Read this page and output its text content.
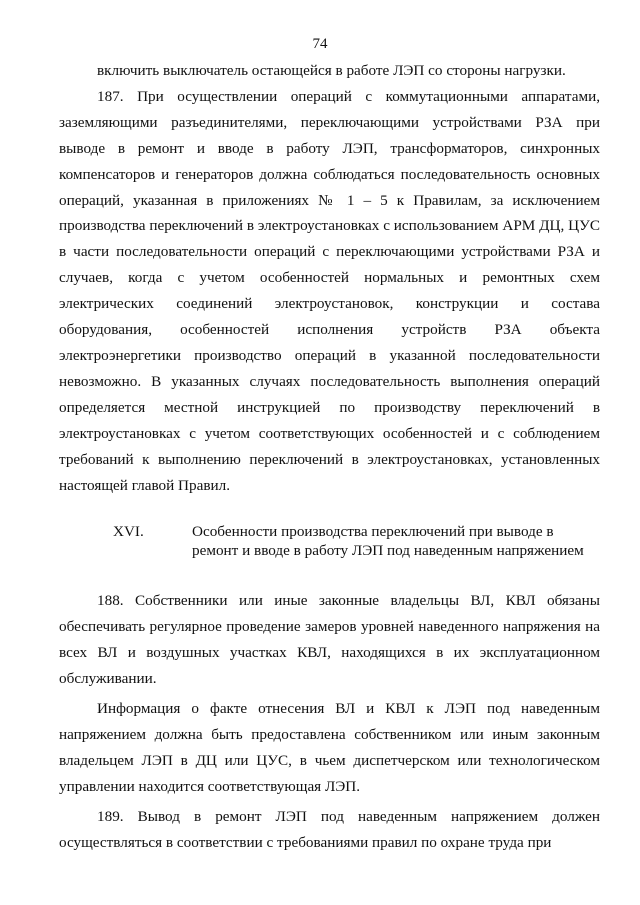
74

включить выключатель остающейся в работе ЛЭП со стороны нагрузки.

187. При осуществлении операций с коммутационными аппаратами, заземляющими разъединителями, переключающими устройствами РЗА при выводе в ремонт и вводе в работу ЛЭП, трансформаторов, синхронных компенсаторов и генераторов должна соблюдаться последовательность основных операций, указанная в приложениях № 1 – 5 к Правилам, за исключением производства переключений в электроустановках с использованием АРМ ДЦ, ЦУС в части последовательности операций с переключающими устройствами РЗА и случаев, когда с учетом особенностей нормальных и ремонтных схем электрических соединений электроустановок, конструкции и состава оборудования, особенностей исполнения устройств РЗА объекта электроэнергетики производство операций в указанной последовательности невозможно. В указанных случаях последовательность выполнения операций определяется местной инструкцией по производству переключений в электроустановках с учетом соответствующих особенностей и с соблюдением требований к выполнению переключений в электроустановках, установленных настоящей главой Правил.

XVI.	Особенности производства переключений при выводе в ремонт и вводе в работу ЛЭП под наведенным напряжением

188. Собственники или иные законные владельцы ВЛ, КВЛ обязаны обеспечивать регулярное проведение замеров уровней наведенного напряжения на всех ВЛ и воздушных участках КВЛ, находящихся в их эксплуатационном обслуживании.

Информация о факте отнесения ВЛ и КВЛ к ЛЭП под наведенным напряжением должна быть предоставлена собственником или иным законным владельцем ЛЭП в ДЦ или ЦУС, в чьем диспетчерском или технологическом управлении находится соответствующая ЛЭП.

189. Вывод в ремонт ЛЭП под наведенным напряжением должен осуществляться в соответствии с требованиями правил по охране труда при
